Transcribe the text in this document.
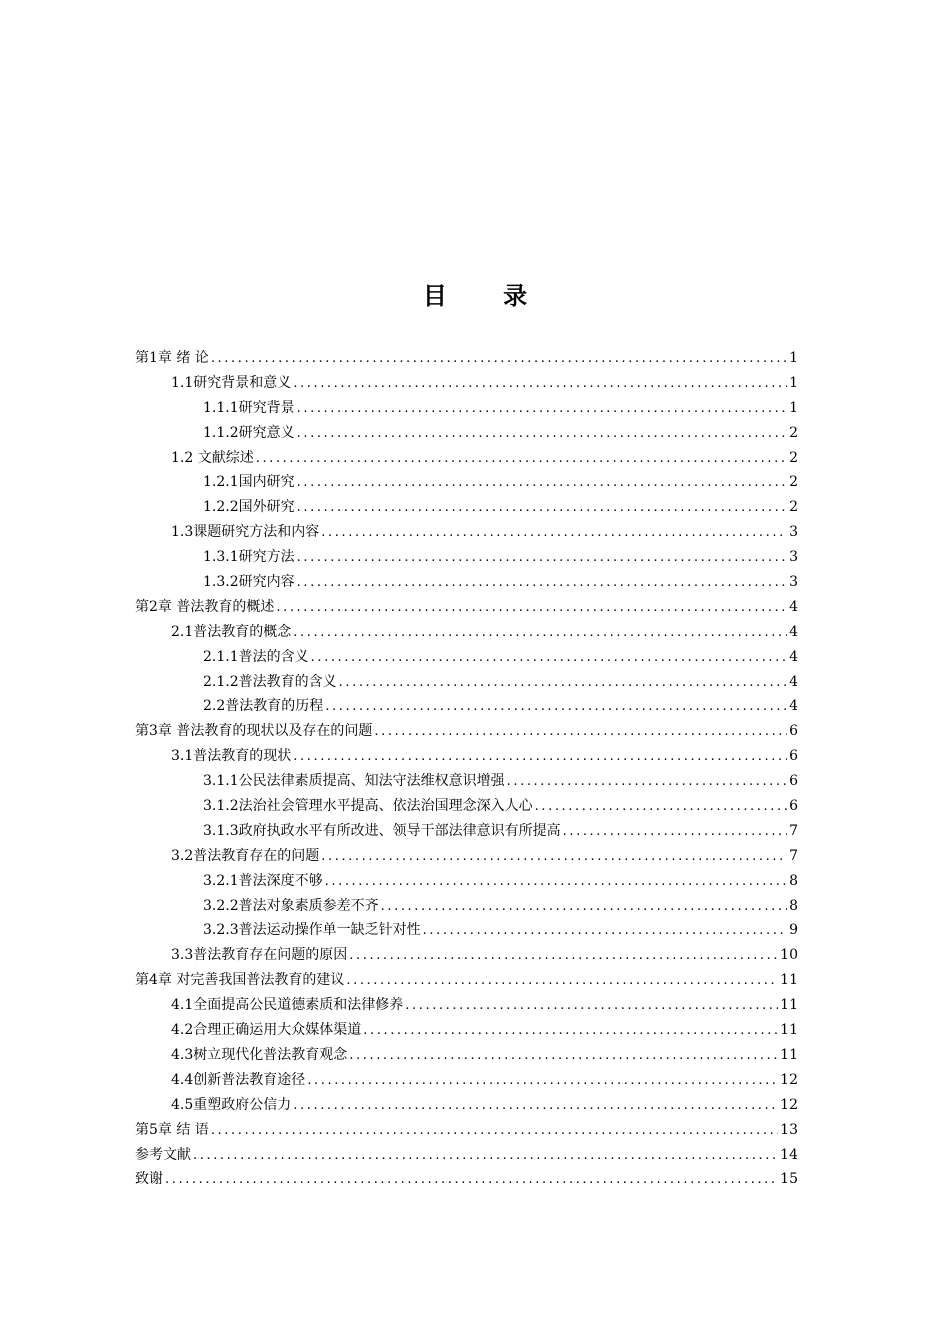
目 录
第1章 绪 论 .....	1
1.1研究背景和意义 .....	1
1.1.1研究背景 .....	1
1.1.2研究意义 .....	2
1.2 文献综述 .....	2
1.2.1国内研究 .....	2
1.2.2国外研究 .....	2
1.3课题研究方法和内容 .....	3
1.3.1研究方法 .....	3
1.3.2研究内容 .....	3
第2章 普法教育的概述 .....	4
2.1普法教育的概念 .....	4
2.1.1普法的含义 .....	4
2.1.2普法教育的含义 .....	4
2.2普法教育的历程 .....	4
第3章 普法教育的现状以及存在的问题 .....	6
3.1普法教育的现状 .....	6
3.1.1公民法律素质提高、知法守法维权意识增强 .....	6
3.1.2法治社会管理水平提高、依法治国理念深入人心 .....	6
3.1.3政府执政水平有所改进、领导干部法律意识有所提高 .....	7
3.2普法教育存在的问题 .....	7
3.2.1普法深度不够 .....	8
3.2.2普法对象素质参差不齐 .....	8
3.2.3普法运动操作单一缺乏针对性 .....	9
3.3普法教育存在问题的原因 .....	10
第4章 对完善我国普法教育的建议 .....	11
4.1全面提高公民道德素质和法律修养 .....	11
4.2合理正确运用大众媒体渠道 .....	11
4.3树立现代化普法教育观念 .....	11
4.4创新普法教育途径 .....	12
4.5重塑政府公信力 .....	12
第5章 结 语 .....	13
参考文献 .....	14
致谢 .....	15
